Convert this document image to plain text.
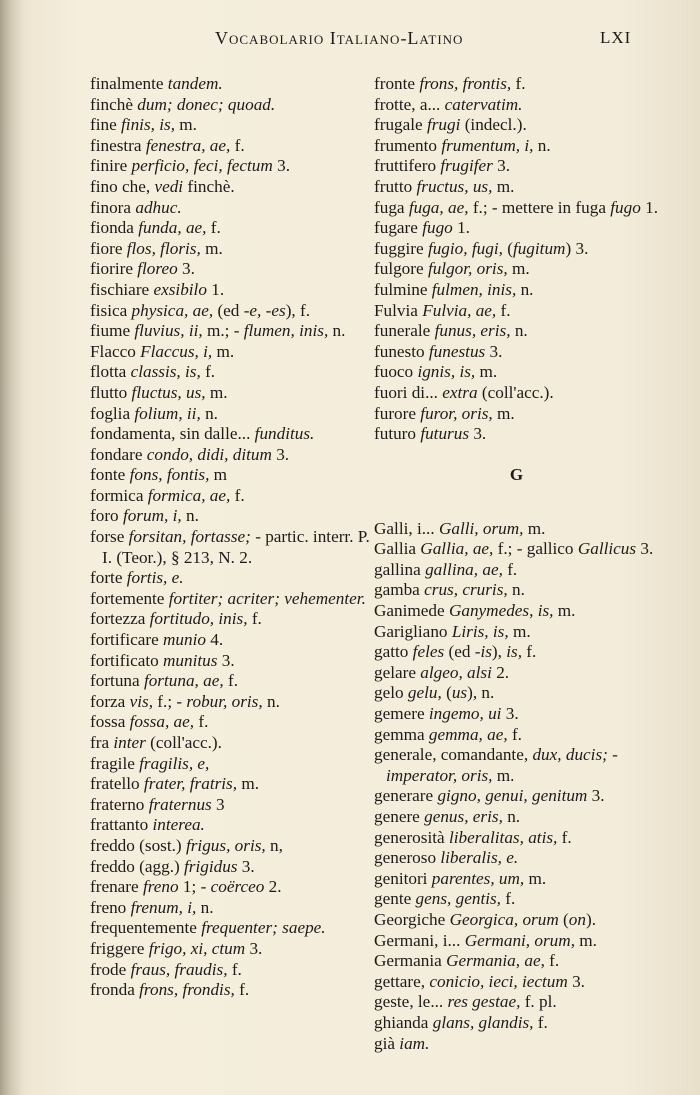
Vocabolario Italiano-Latino	LXI

finalmente tandem.

finchè dum; donec; quoad.

fine finis, is, m.

finestra fenestra, ae, f.

finire perficio, feci, fectum 3.

fino che, vedi finchè.

finora adhuc.

fionda funda, ae, f.

fiore flos, floris, m.

fiorire floreo 3.

fischiare exsibilo 1.

fisica physica, ae, (ed -e, -es), f.

fiume fluvius, ii, m.; - flumen, inis, n.

Flacco Flaccus, i, m.

flotta classis, is, f.

flutto fluctus, us, m.

foglia folium, ii, n.

fondamenta, sin dalle... funditus.

fondare condo, didi, ditum 3.

fonte fons, fontis, m

formica formica, ae, f.

foro forum, i, n.

forse forsitan, fortasse; - partic. interr. P. I. (Teor.), § 213, N. 2.

forte fortis, e.

fortemente fortiter; acriter; vehementer.

fortezza fortitudo, inis, f.

fortificare munio 4.

fortificato munitus 3.

fortuna fortuna, ae, f.

forza vis, f.; - robur, oris, n.

fossa fossa, ae, f.

fra inter (coll'acc.).

fragile fragilis, e,

fratello frater, fratris, m.

fraterno fraternus 3

frattanto interea.

freddo (sost.) frigus, oris, n,

freddo (agg.) frigidus 3.

frenare freno 1; - coërceo 2.

freno frenum, i, n.

frequentemente frequenter; saepe.

friggere frigo, xi, ctum 3.

frode fraus, fraudis, f.

fronda frons, frondis, f.

fronte frons, frontis, f.

frotte, a... catervatim.

frugale frugi (indecl.).

frumento frumentum, i, n.

fruttifero frugifer 3.

frutto fructus, us, m.

fuga fuga, ae, f.; - mettere in fuga fugo 1.

fugare fugo 1.

fuggire fugio, fugi, (fugitum) 3.

fulgore fulgor, oris, m.

fulmine fulmen, inis, n.

Fulvia Fulvia, ae, f.

funerale funus, eris, n.

funesto funestus 3.

fuoco ignis, is, m.

fuori di... extra (coll'acc.).

furore furor, oris, m.

futuro futurus 3.

G

Galli, i... Galli, orum, m.

Gallia Gallia, ae, f.; - gallico Gallicus 3.

gallina gallina, ae, f.

gamba crus, cruris, n.

Ganimede Ganymedes, is, m.

Garigliano Liris, is, m.

gatto feles (ed -is), is, f.

gelare algeo, alsi 2.

gelo gelu, (us), n.

gemere ingemo, ui 3.

gemma gemma, ae, f.

generale, comandante, dux, ducis; - imperator, oris, m.

generare gigno, genui, genitum 3.

genere genus, eris, n.

generosità liberalitas, atis, f.

generoso liberalis, e.

genitori parentes, um, m.

gente gens, gentis, f.

Georgiche Georgica, orum (on).

Germani, i... Germani, orum, m.

Germania Germania, ae, f.

gettare, conicio, ieci, iectum 3.

geste, le... res gestae, f. pl.

ghianda glans, glandis, f.

già iam.
